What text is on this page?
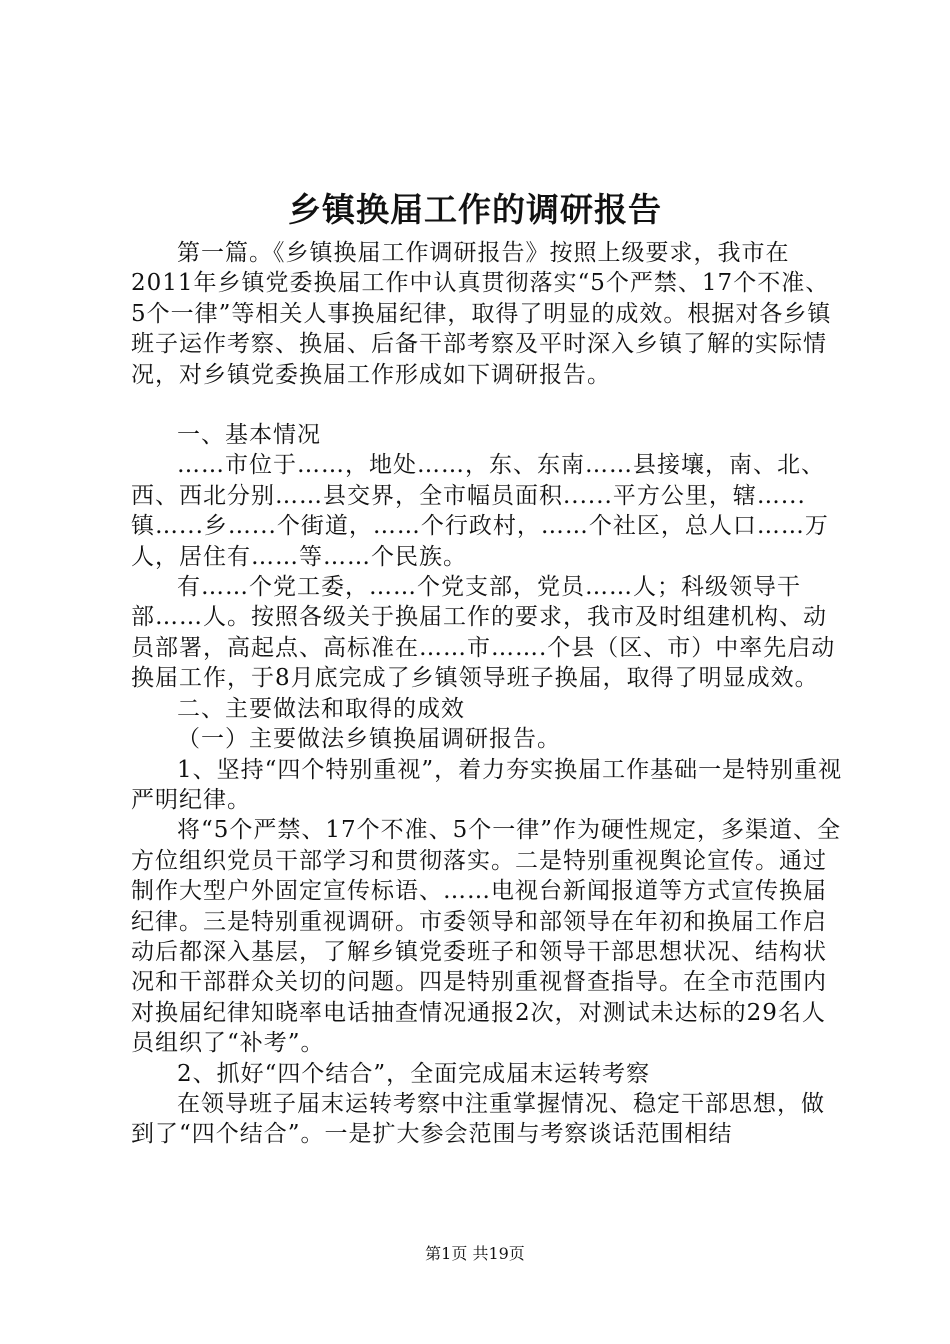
乡镇换届工作的调研报告

第一篇。《乡镇换届工作调研报告》按照上级要求，我市在2011年乡镇党委换届工作中认真贯彻落实“5个严禁、17个不准、5个一律”等相关人事换届纪律，取得了明显的成效。根据对各乡镇班子运作考察、换届、后备干部考察及平时深入乡镇了解的实际情况，对乡镇党委换届工作形成如下调研报告。

一、基本情况

……市位于……，地处……，东、东南……县接壤，南、北、西、西北分别……县交界，全市幅员面积......平方公里，辖…...镇…...乡…...个街道，……个行政村，……个社区，总人口……万人，居住有……等……个民族。

有……个党工委，……个党支部，党员……人；科级领导干部……人。按照各级关于换届工作的要求，我市及时组建机构、动员部署，高起点、高标准在……市…….个县（区、市）中率先启动换届工作，于8月底完成了乡镇领导班子换届，取得了明显成效。

二、主要做法和取得的成效

（一）主要做法乡镇换届调研报告。

1、坚持“四个特别重视”，着力夯实换届工作基础一是特别重视严明纪律。

将“5个严禁、17个不准、5个一律”作为硬性规定，多渠道、全方位组织党员干部学习和贯彻落实。二是特别重视舆论宣传。通过制作大型户外固定宣传标语、……电视台新闻报道等方式宣传换届纪律。三是特别重视调研。市委领导和部领导在年初和换届工作启动后都深入基层，了解乡镇党委班子和领导干部思想状况、结构状况和干部群众关切的问题。四是特别重视督查指导。在全市范围内对换届纪律知晓率电话抽查情况通报2次，对测试未达标的29名人员组织了“补考”。

2、抓好“四个结合”，全面完成届末运转考察

在领导班子届末运转考察中注重掌握情况、稳定干部思想，做到了“四个结合”。一是扩大参会范围与考察谈话范围相结

第1页 共19页
